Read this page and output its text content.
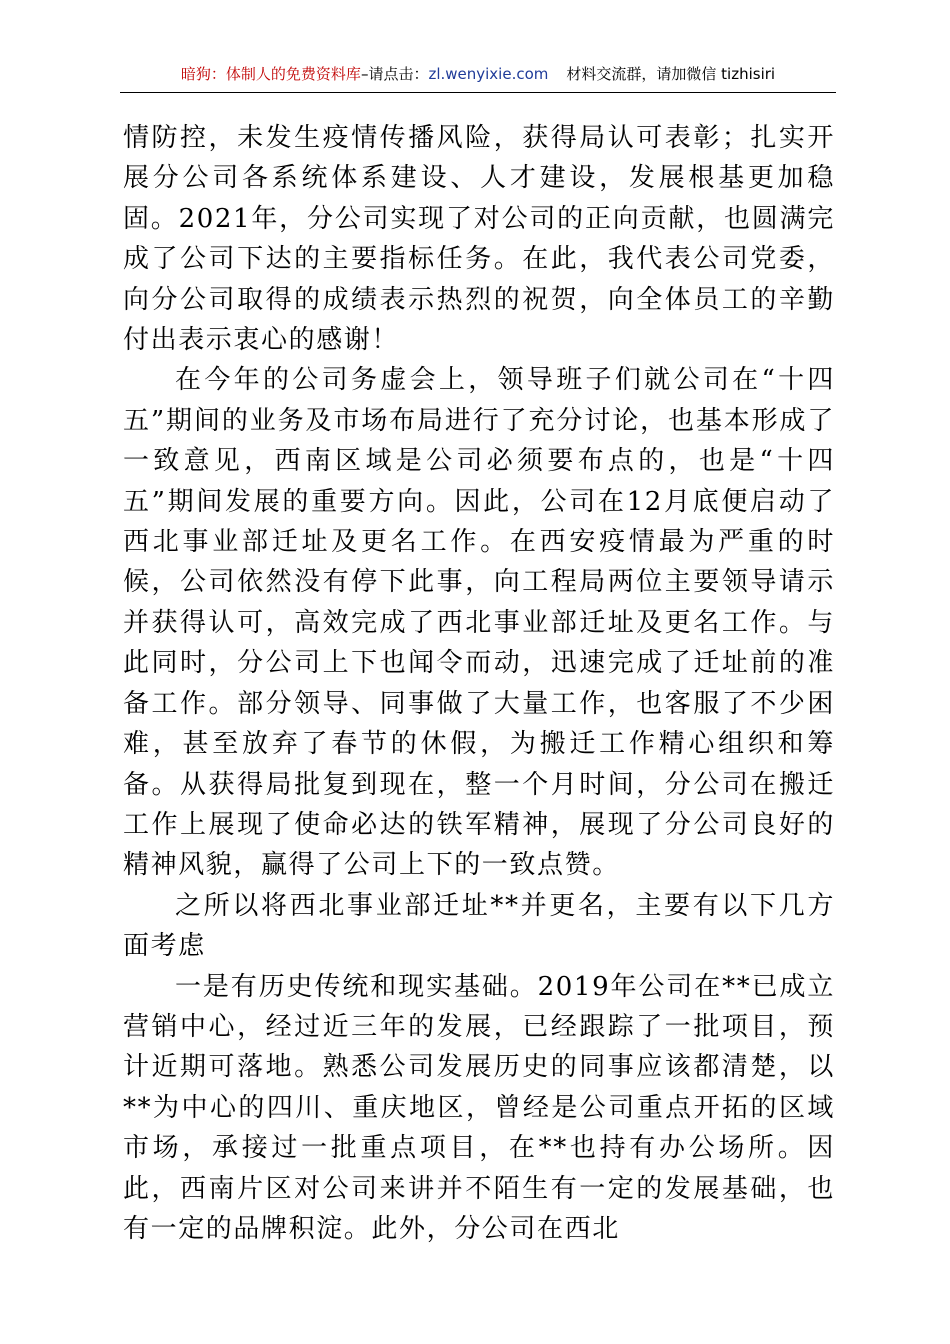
暗狗：体制人的免费资料库–请点击：zl.wenyixie.com 材料交流群，请加微信 tizhisiri

情防控，未发生疫情传播风险，获得局认可表彰；扎实开展分公司各系统体系建设、人才建设，发展根基更加稳固。2021年，分公司实现了对公司的正向贡献，也圆满完成了公司下达的主要指标任务。在此，我代表公司党委，向分公司取得的成绩表示热烈的祝贺，向全体员工的辛勤付出表示衷心的感谢！

在今年的公司务虚会上，领导班子们就公司在“十四五”期间的业务及市场布局进行了充分讨论，也基本形成了一致意见，西南区域是公司必须要布点的，也是“十四五”期间发展的重要方向。因此，公司在12月底便启动了西北事业部迁址及更名工作。在西安疫情最为严重的时候，公司依然没有停下此事，向工程局两位主要领导请示并获得认可，高效完成了西北事业部迁址及更名工作。与此同时，分公司上下也闻令而动，迅速完成了迁址前的准备工作。部分领导、同事做了大量工作，也客服了不少困难，甚至放弃了春节的休假，为搬迁工作精心组织和筹备。从获得局批复到现在，整一个月时间，分公司在搬迁工作上展现了使命必达的铁军精神，展现了分公司良好的精神风貌，赢得了公司上下的一致点赞。

之所以将西北事业部迁址**并更名，主要有以下几方面考虑

一是有历史传统和现实基础。2019年公司在**已成立营销中心，经过近三年的发展，已经跟踪了一批项目，预计近期可落地。熟悉公司发展历史的同事应该都清楚，以**为中心的四川、重庆地区，曾经是公司重点开拓的区域市场，承接过一批重点项目，在**也持有办公场所。因此，西南片区对公司来讲并不陌生有一定的发展基础，也有一定的品牌积淀。此外，分公司在西北
